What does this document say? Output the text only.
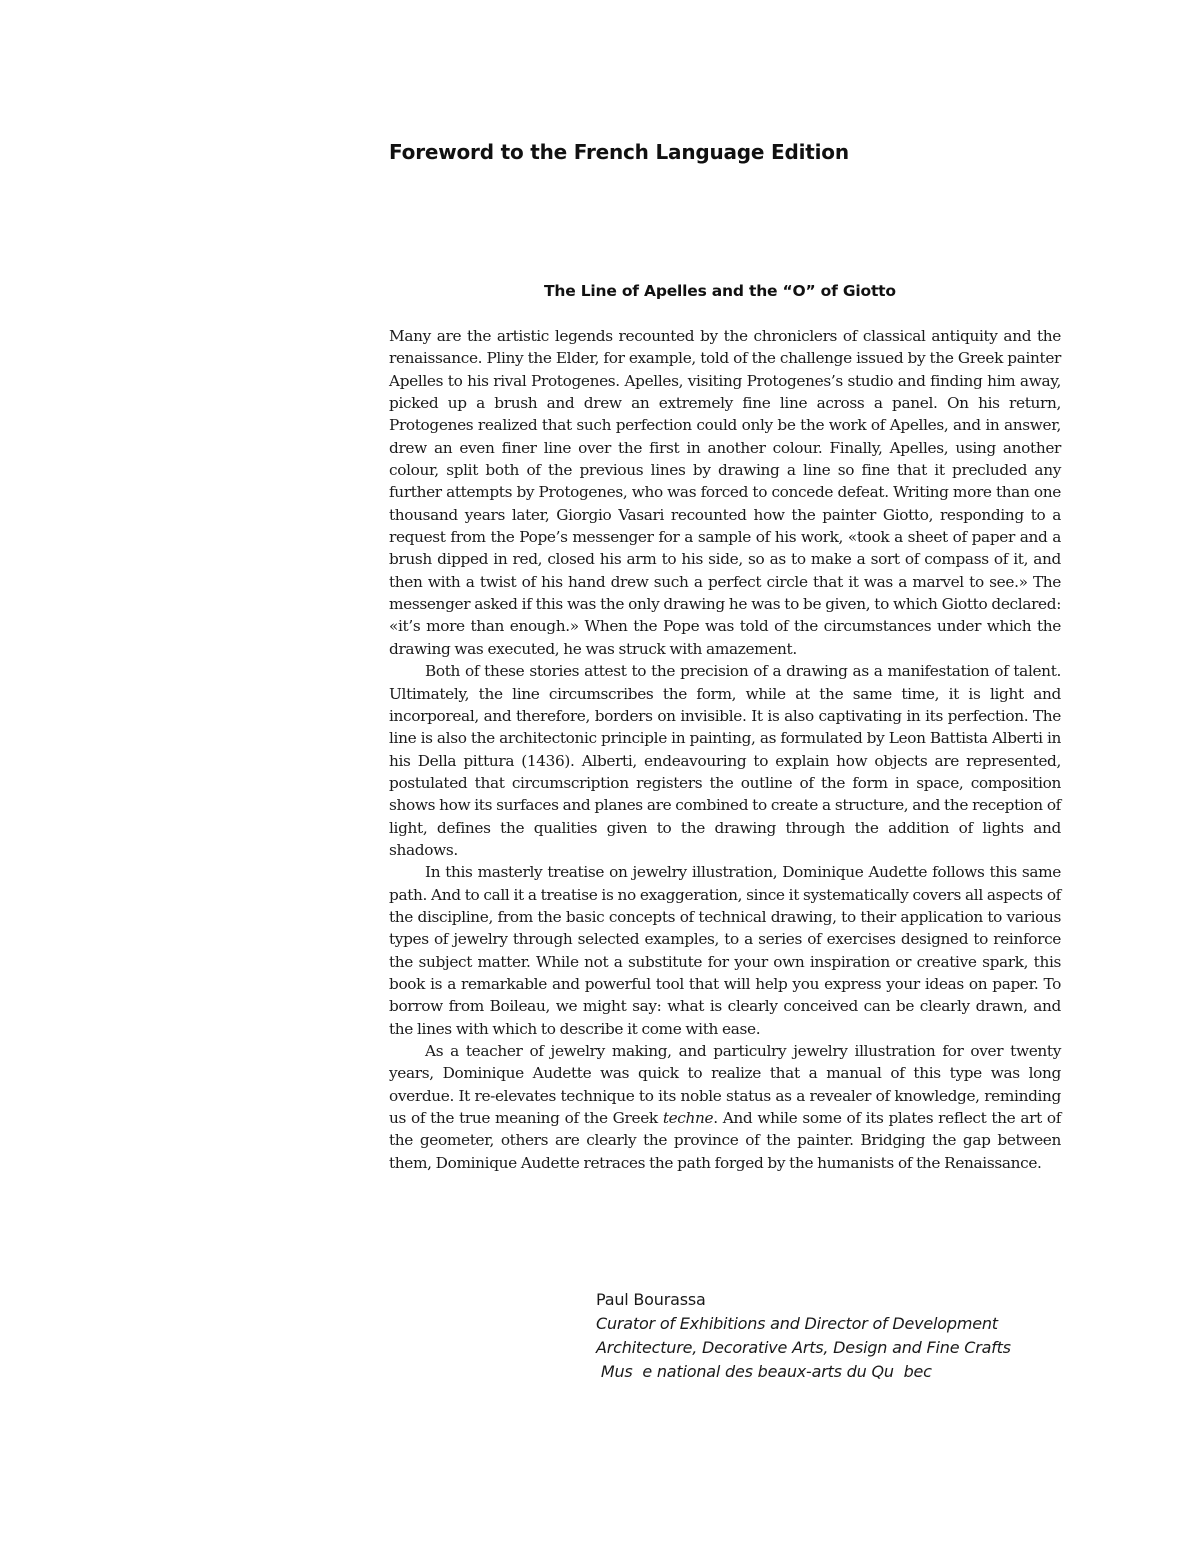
Foreword to the French Language Edition
The Line of Apelles and the “O” of Giotto

Many are the artistic legends recounted by the chroniclers of classical antiquity and the renaissance. Pliny the Elder, for example, told of the challenge issued by the Greek painter Apelles to his rival Protogenes. Apelles, visiting Protogenes’s studio and finding him away, picked up a brush and drew an extremely fine line across a panel. On his return, Protogenes realized that such perfection could only be the work of Apelles, and in answer, drew an even finer line over the first in another colour. Finally, Apelles, using another colour, split both of the previous lines by drawing a line so fine that it precluded any further attempts by Protogenes, who was forced to concede defeat. Writing more than one thousand years later, Giorgio Vasari recounted how the painter Giotto, responding to a request from the Pope’s messenger for a sample of his work, «took a sheet of paper and a brush dipped in red, closed his arm to his side, so as to make a sort of compass of it, and then with a twist of his hand drew such a perfect circle that it was a marvel to see.» The messenger asked if this was the only drawing he was to be given, to which Giotto declared: «it’s more than enough.» When the Pope was told of the circumstances under which the drawing was executed, he was struck with amazement.

Both of these stories attest to the precision of a drawing as a manifestation of talent. Ultimately, the line circumscribes the form, while at the same time, it is light and incorporeal, and therefore, borders on invisible. It is also captivating in its perfection. The line is also the architectonic principle in painting, as formulated by Leon Battista Alberti in his Della pittura (1436). Alberti, endeavouring to explain how objects are represented, postulated that circumscription registers the outline of the form in space, composition shows how its surfaces and planes are combined to create a structure, and the reception of light, defines the qualities given to the drawing through the addition of lights and shadows.

In this masterly treatise on jewelry illustration, Dominique Audette follows this same path. And to call it a treatise is no exaggeration, since it systematically covers all aspects of the discipline, from the basic concepts of technical drawing, to their application to various types of jewelry through selected examples, to a series of exercises designed to reinforce the subject matter. While not a substitute for your own inspiration or creative spark, this book is a remarkable and powerful tool that will help you express your ideas on paper. To borrow from Boileau, we might say: what is clearly conceived can be clearly drawn, and the lines with which to describe it come with ease.

As a teacher of jewelry making, and particulry jewelry illustration for over twenty years, Dominique Audette was quick to realize that a manual of this type was long overdue. It re-elevates technique to its noble status as a revealer of knowledge, reminding us of the true meaning of the Greek techne. And while some of its plates reflect the art of the geometer, others are clearly the province of the painter. Bridging the gap between them, Dominique Audette retraces the path forged by the humanists of the Renaissance.

Paul Bourassa
Curator of Exhibitions and Director of Development
Architecture, Decorative Arts, Design and Fine Crafts
Mus  e national des beaux-arts du Qu  bec
